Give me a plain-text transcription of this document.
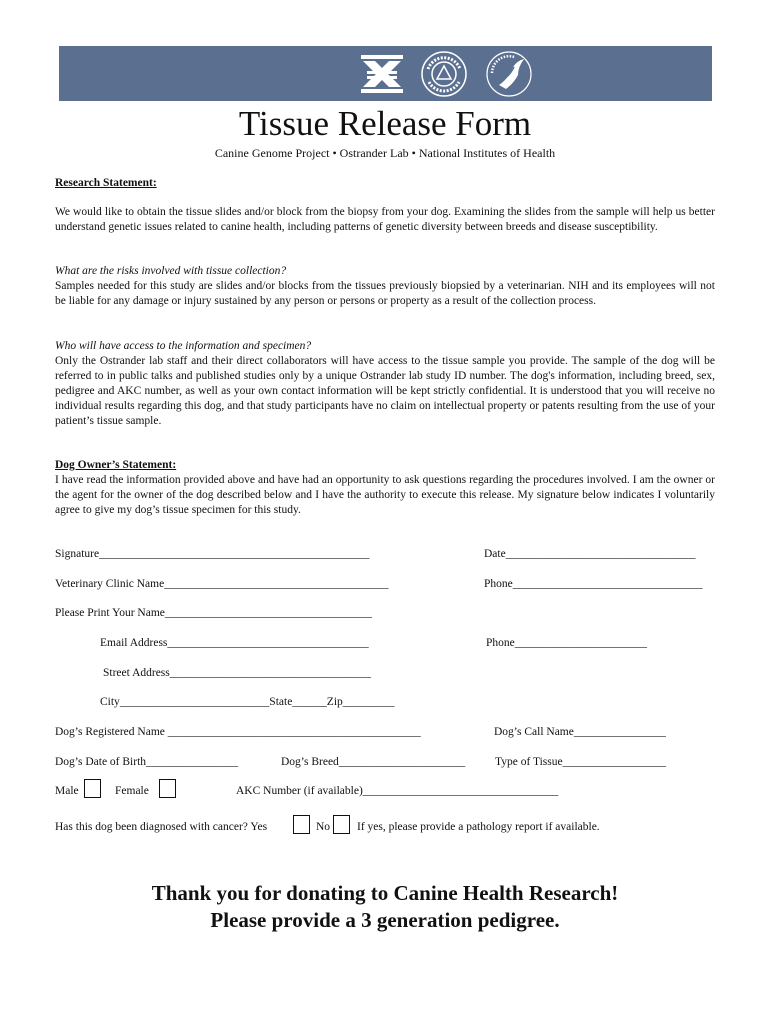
Tissue Release Form
Canine Genome Project • Ostrander Lab • National Institutes of Health
Research Statement:
We would like to obtain the tissue slides and/or block from the biopsy from your dog. Examining the slides from the sample will help us better understand genetic issues related to canine health, including patterns of genetic diversity between breeds and disease susceptibility.
What are the risks involved with tissue collection?
Samples needed for this study are slides and/or blocks from the tissues previously biopsied by a veterinarian. NIH and its employees will not be liable for any damage or injury sustained by any person or persons or property as a result of the collection process.
Who will have access to the information and specimen?
Only the Ostrander lab staff and their direct collaborators will have access to the tissue sample you provide. The sample of the dog will be referred to in public talks and published studies only by a unique Ostrander lab study ID number. The dog's information, including breed, sex, pedigree and AKC number, as well as your own contact information will be kept strictly confidential. It is understood that you will receive no individual results regarding this dog, and that study participants have no claim on intellectual property or patents resulting from the use of your patient’s tissue sample.
Dog Owner’s Statement:
I have read the information provided above and have had an opportunity to ask questions regarding the procedures involved. I am the owner or the agent for the owner of the dog described below and I have the authority to execute this release. My signature below indicates I voluntarily agree to give my dog’s tissue specimen for this study.
Signature_______________________________________________	Date_________________________________
Veterinary Clinic Name_______________________________________	Phone_________________________________
Please Print Your Name____________________________________
Email Address___________________________________	Phone_______________________
Street Address___________________________________
City__________________________State______Zip_________
Dog’s Registered Name ____________________________________________	Dog’s Call Name________________
Dog’s Date of Birth________________	Dog’s Breed______________________	Type of Tissue__________________
Male	Female	AKC Number (if available)__________________________________
Has this dog been diagnosed with cancer? Yes	No If yes, please provide a pathology report if available.
Thank you for donating to Canine Health Research!
Please provide a 3 generation pedigree.
